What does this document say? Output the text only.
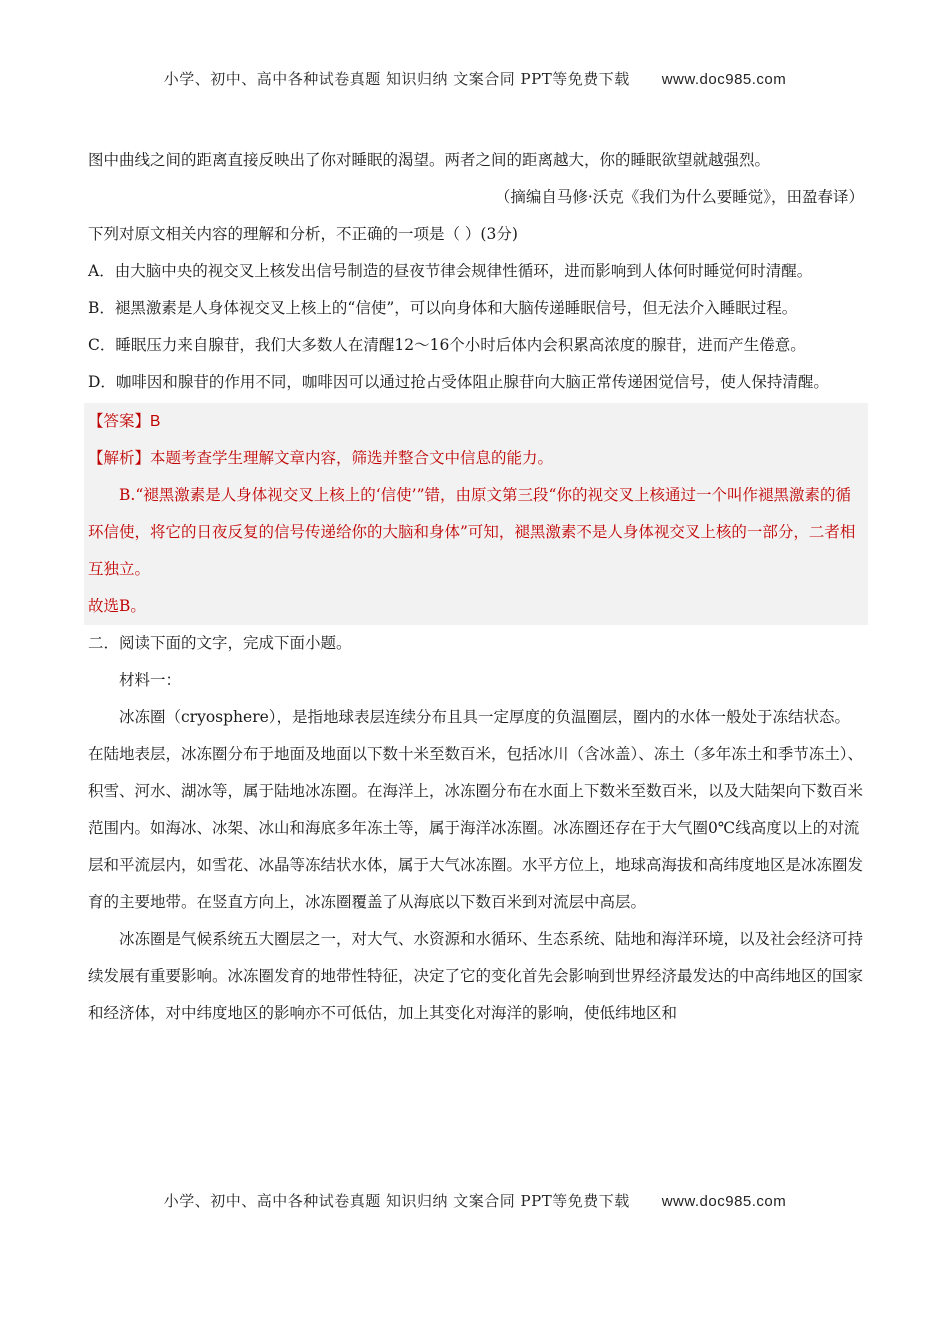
小学、初中、高中各种试卷真题 知识归纳 文案合同 PPT等免费下载 www.doc985.com

图中曲线之间的距离直接反映出了你对睡眠的渴望。两者之间的距离越大，你的睡眠欲望就越强烈。

（摘编自马修·沃克《我们为什么要睡觉》，田盈春译）

下列对原文相关内容的理解和分析，不正确的一项是（ ）(3分)

A．由大脑中央的视交叉上核发出信号制造的昼夜节律会规律性循环，进而影响到人体何时睡觉何时清醒。

B．褪黑激素是人身体视交叉上核上的“信使”，可以向身体和大脑传递睡眠信号，但无法介入睡眠过程。

C．睡眠压力来自腺苷，我们大多数人在清醒12～16个小时后体内会积累高浓度的腺苷，进而产生倦意。

D．咖啡因和腺苷的作用不同，咖啡因可以通过抢占受体阻止腺苷向大脑正常传递困觉信号，使人保持清醒。

【答案】B

【解析】本题考查学生理解文章内容，筛选并整合文中信息的能力。

B.“褪黑激素是人身体视交叉上核上的‘信使’”错，由原文第三段“你的视交叉上核通过一个叫作褪黑激素的循环信使，将它的日夜反复的信号传递给你的大脑和身体”可知，褪黑激素不是人身体视交叉上核的一部分，二者相互独立。

故选B。

二．阅读下面的文字，完成下面小题。

材料一：

冰冻圈（cryosphere），是指地球表层连续分布且具一定厚度的负温圈层，圈内的水体一般处于冻结状态。在陆地表层，冰冻圈分布于地面及地面以下数十米至数百米，包括冰川（含冰盖）、冻土（多年冻土和季节冻土）、积雪、河水、湖冰等，属于陆地冰冻圈。在海洋上，冰冻圈分布在水面上下数米至数百米，以及大陆架向下数百米范围内。如海冰、冰架、冰山和海底多年冻土等，属于海洋冰冻圈。冰冻圈还存在于大气圈0℃线高度以上的对流层和平流层内，如雪花、冰晶等冻结状水体，属于大气冰冻圈。水平方位上，地球高海拔和高纬度地区是冰冻圈发育的主要地带。在竖直方向上，冰冻圈覆盖了从海底以下数百米到对流层中高层。

冰冻圈是气候系统五大圈层之一，对大气、水资源和水循环、生态系统、陆地和海洋环境，以及社会经济可持续发展有重要影响。冰冻圈发育的地带性特征，决定了它的变化首先会影响到世界经济最发达的中高纬地区的国家和经济体，对中纬度地区的影响亦不可低估，加上其变化对海洋的影响，使低纬地区和

小学、初中、高中各种试卷真题 知识归纳 文案合同 PPT等免费下载 www.doc985.com
